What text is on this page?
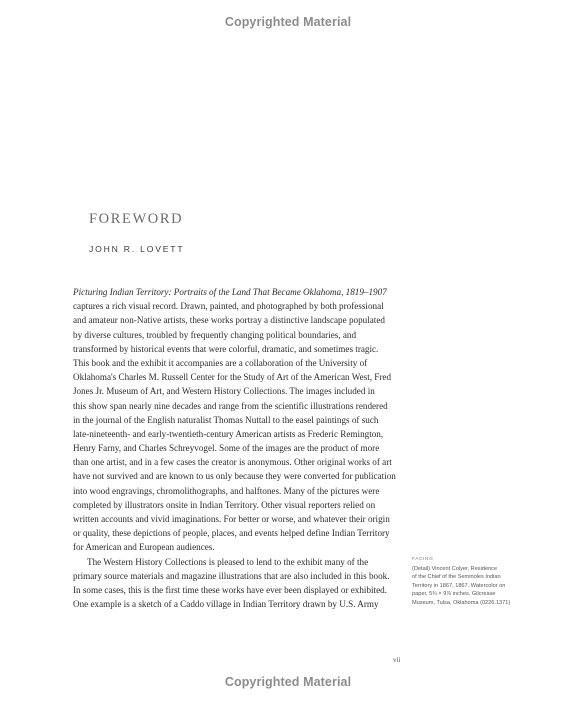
Copyrighted Material
FOREWORD
JOHN R. LOVETT
Picturing Indian Territory: Portraits of the Land That Became Oklahoma, 1819–1907
captures a rich visual record. Drawn, painted, and photographed by both professional
and amateur non-Native artists, these works portray a distinctive landscape populated
by diverse cultures, troubled by frequently changing political boundaries, and
transformed by historical events that were colorful, dramatic, and sometimes tragic.
This book and the exhibit it accompanies are a collaboration of the University of
Oklahoma's Charles M. Russell Center for the Study of Art of the American West, Fred
Jones Jr. Museum of Art, and Western History Collections. The images included in
this show span nearly nine decades and range from the scientific illustrations rendered
in the journal of the English naturalist Thomas Nuttall to the easel paintings of such
late-nineteenth- and early-twentieth-century American artists as Frederic Remington,
Henry Farny, and Charles Schreyvogel. Some of the images are the product of more
than one artist, and in a few cases the creator is anonymous. Other original works of art
have not survived and are known to us only because they were converted for publication
into wood engravings, chromolithographs, and halftones. Many of the pictures were
completed by illustrators onsite in Indian Territory. Other visual reporters relied on
written accounts and vivid imaginations. For better or worse, and whatever their origin
or quality, these depictions of people, places, and events helped define Indian Territory
for American and European audiences.
The Western History Collections is pleased to lend to the exhibit many of the
primary source materials and magazine illustrations that are also included in this book.
In some cases, this is the first time these works have ever been displayed or exhibited.
One example is a sketch of a Caddo village in Indian Territory drawn by U.S. Army
FACING
(Detail) Vincent Colyer, Residence
of the Chief of the Seminoles Indian
Territory in 1867, 1867. Watercolor on
paper, 5¾ × 9⅞ inches. Gilcrease
Museum, Tulsa, Oklahoma (0226.1371)
vii
Copyrighted Material
